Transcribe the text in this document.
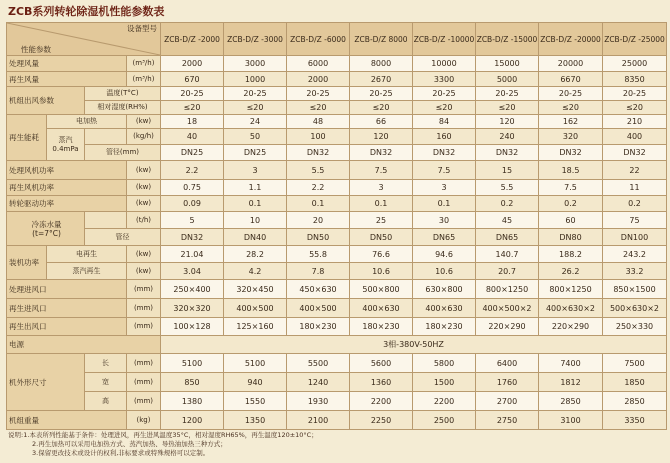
ZCB系列转轮除湿机性能参数表
设备型号
性能参数				ZCB-D/Z -2000	ZCB-D/Z -3000	ZCB-D/Z -6000	ZCB-D/Z 8000	ZCB-D/Z -10000	ZCB-D/Z -15000	ZCB-D/Z -20000	ZCB-D/Z -25000
处理风量			(m³/h)	2000	3000	6000	8000	10000	15000	20000	25000
再生风量			(m³/h)	670	1000	2000	2670	3300	5000	6670	8350
机组出风参数		温度(T°C)		20-25	20-25	20-25	20-25	20-25	20-25	20-25	20-25
		相对湿度(RH%)		≤20	≤20	≤20	≤20	≤20	≤20	≤20	≤20
再生能耗	电加热		(kw)	18	24	48	66	84	120	162	210
	蒸汽
0.4mPa		(kg/h)	40	50	100	120	160	240	320	400
		管径(mm)		DN25	DN25	DN32	DN32	DN32	DN32	DN32	DN32
处理风机功率			(kw)	2.2	3	5.5	7.5	7.5	15	18.5	22
再生风机功率			(kw)	0.75	1.1	2.2	3	3	5.5	7.5	11
转轮驱动功率			(kw)	0.09	0.1	0.1	0.1	0.1	0.2	0.2	0.2
冷冻水量
(t=7°C)			(t/h)	5	10	20	25	30	45	60	75
		管径		DN32	DN40	DN50	DN50	DN65	DN65	DN80	DN100
装机功率	电再生		(kw)	21.04	28.2	55.8	76.6	94.6	140.7	188.2	243.2
	蒸汽再生		(kw)	3.04	4.2	7.8	10.6	10.6	20.7	26.2	33.2
处理进风口			(mm)	250×400	320×450	450×630	500×800	630×800	800×1250	800×1250	850×1500
再生进风口			(mm)	320×320	400×500	400×500	400×630	400×630	400×500×2	400×630×2	500×630×2
再生出风口			(mm)	100×128	125×160	180×230	180×230	180×230	220×290	220×290	250×330
电源				3相-380V-50HZ							
机外形尺寸		长	(mm)	5100	5100	5500	5600	5800	6400	7400	7500
		宽	(mm)	850	940	1240	1360	1500	1760	1812	1850
		高	(mm)	1380	1550	1930	2200	2200	2700	2850	2850
机组重量			(kg)	1200	1350	2100	2250	2500	2750	3100	3350
说明:1.本表所列性能基于条件：处理进风，再生进风温度35°C，相对湿度RH65%，再生温度120±10°C；
2.再生加热可以采用电加热方式、蒸汽加热、导热油加热三种方式；
3.保留更改技术或设计的权利,非标要求或特殊规格可以定制。
